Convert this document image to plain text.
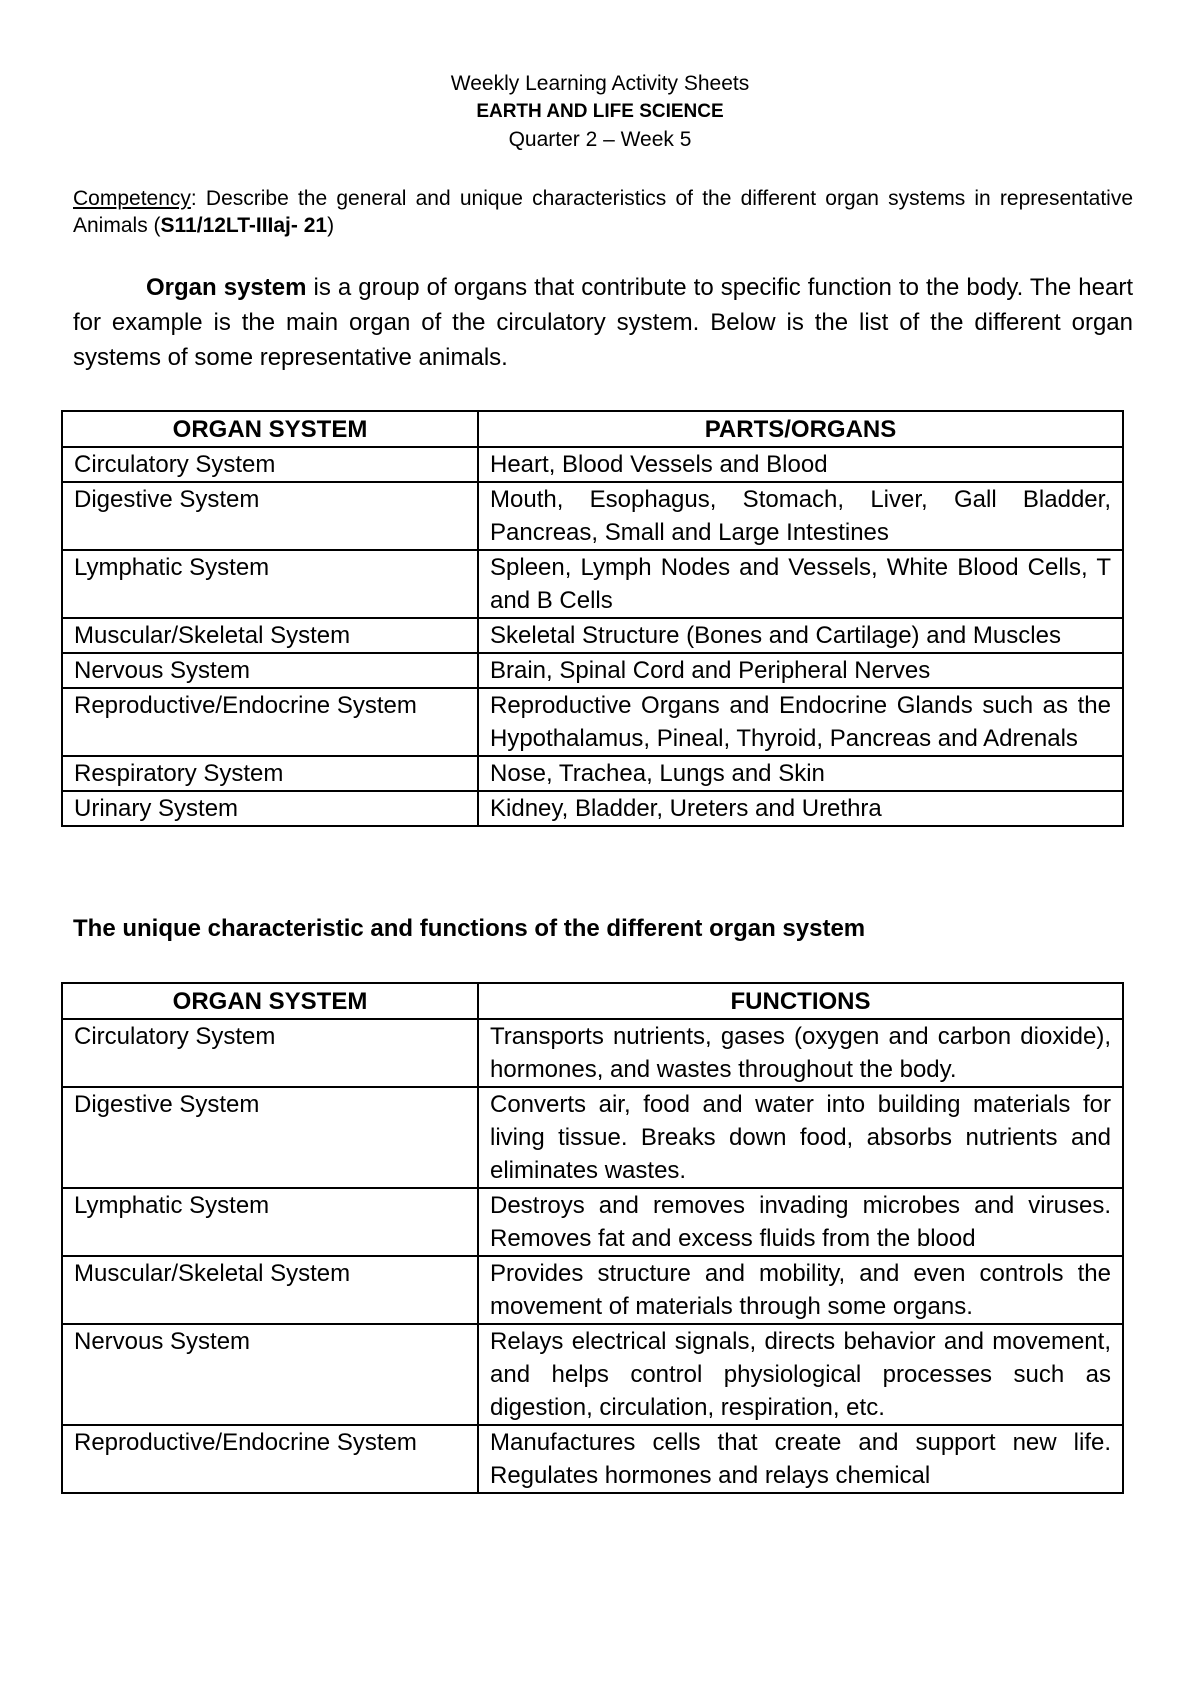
Weekly Learning Activity Sheets
EARTH AND LIFE SCIENCE
Quarter 2 – Week 5
Competency: Describe the general and unique characteristics of the different organ systems in representative Animals (S11/12LT-IIIaj- 21)
Organ system is a group of organs that contribute to specific function to the body. The heart for example is the main organ of the circulatory system. Below is the list of the different organ systems of some representative animals.
ORGAN SYSTEM	PARTS/ORGANS
Circulatory System	Heart, Blood Vessels and Blood
Digestive System	Mouth, Esophagus, Stomach, Liver, Gall Bladder, Pancreas, Small and Large Intestines
Lymphatic System	Spleen, Lymph Nodes and Vessels, White Blood Cells, T and B Cells
Muscular/Skeletal System	Skeletal Structure (Bones and Cartilage) and Muscles
Nervous System	Brain, Spinal Cord and Peripheral Nerves
Reproductive/Endocrine System	Reproductive Organs and Endocrine Glands such as the Hypothalamus, Pineal, Thyroid, Pancreas and Adrenals
Respiratory System	Nose, Trachea, Lungs and Skin
Urinary System	Kidney, Bladder, Ureters and Urethra
The unique characteristic and functions of the different organ system
ORGAN SYSTEM	FUNCTIONS
Circulatory System	Transports nutrients, gases (oxygen and carbon dioxide), hormones, and wastes throughout the body.
Digestive System	Converts air, food and water into building materials for living tissue. Breaks down food, absorbs nutrients and eliminates wastes.
Lymphatic System	Destroys and removes invading microbes and viruses. Removes fat and excess fluids from the blood
Muscular/Skeletal System	Provides structure and mobility, and even controls the movement of materials through some organs.
Nervous System	Relays electrical signals, directs behavior and movement, and helps control physiological processes such as digestion, circulation, respiration, etc.
Reproductive/Endocrine System	Manufactures cells that create and support new life. Regulates hormones and relays chemical
